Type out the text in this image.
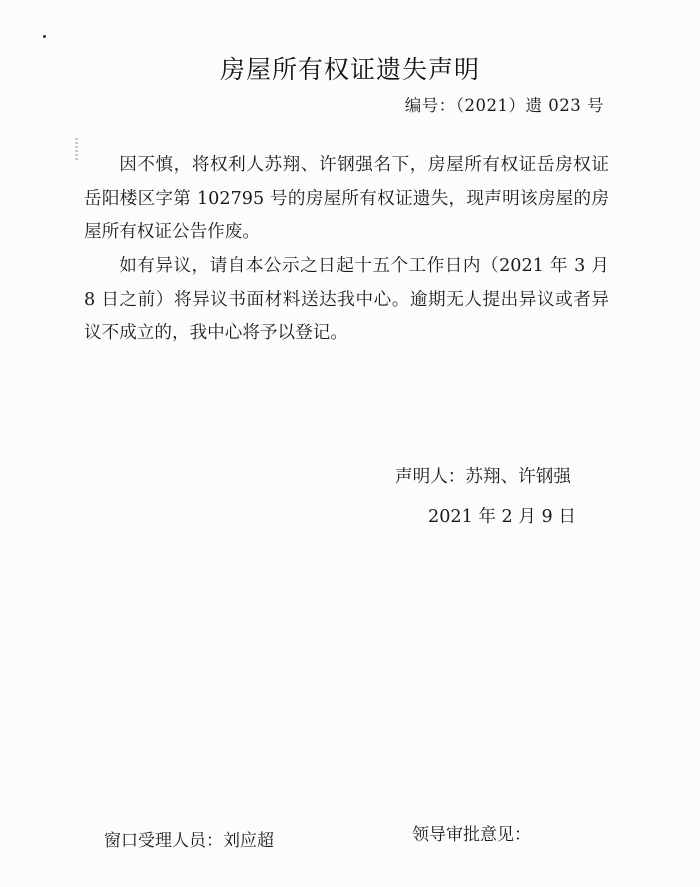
房屋所有权证遗失声明
编号：（2021）遗 023 号
因不慎，将权利人苏翔、许钢强名下，房屋所有权证岳房权证岳阳楼区字第 102795 号的房屋所有权证遗失，现声明该房屋的房屋所有权证公告作废。
如有异议，请自本公示之日起十五个工作日内（2021 年 3 月 8 日之前）将异议书面材料送达我中心。逾期无人提出异议或者异议不成立的，我中心将予以登记。
声明人：苏翔、许钢强
2021 年 2 月 9 日
窗口受理人员：刘应超	领导审批意见：
